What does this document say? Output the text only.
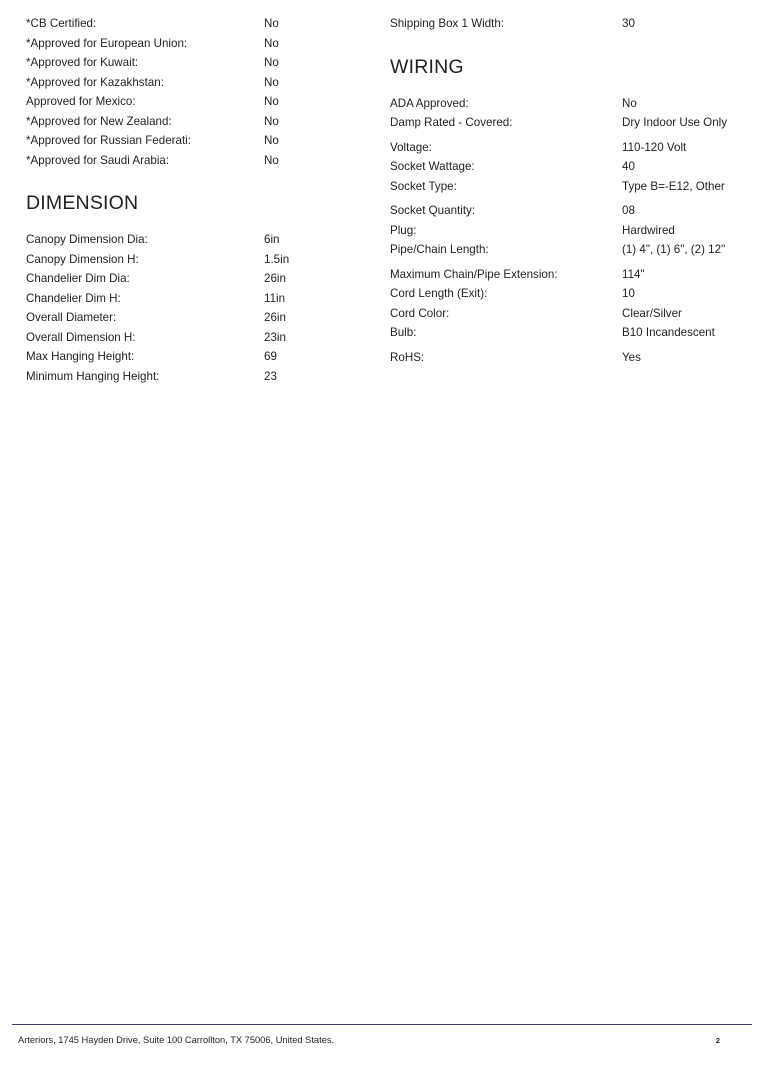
*CB Certified:	No
*Approved for European Union:	No
*Approved for Kuwait:	No
*Approved for Kazakhstan:	No
Approved for Mexico:	No
*Approved for New Zealand:	No
*Approved for Russian Federati:	No
*Approved for Saudi Arabia:	No
DIMENSION
Canopy Dimension Dia:	6in
Canopy Dimension H:	1.5in
Chandelier Dim Dia:	26in
Chandelier Dim H:	11in
Overall Diameter:	26in
Overall Dimension H:	23in
Max Hanging Height:	69
Minimum Hanging Height:	23
Shipping Box 1 Width:	30
WIRING
ADA Approved:	No
Damp Rated - Covered:	Dry Indoor Use Only
Voltage:	110-120 Volt
Socket Wattage:	40
Socket Type:	Type B=-E12, Other
Socket Quantity:	08
Plug:	Hardwired
Pipe/Chain Length:	(1) 4", (1) 6", (2) 12"
Maximum Chain/Pipe Extension:	114"
Cord Length (Exit):	10
Cord Color:	Clear/Silver
Bulb:	B10 Incandescent
RoHS:	Yes
Arteriors, 1745 Hayden Drive, Suite 100 Carrollton, TX 75006, United States.	2
